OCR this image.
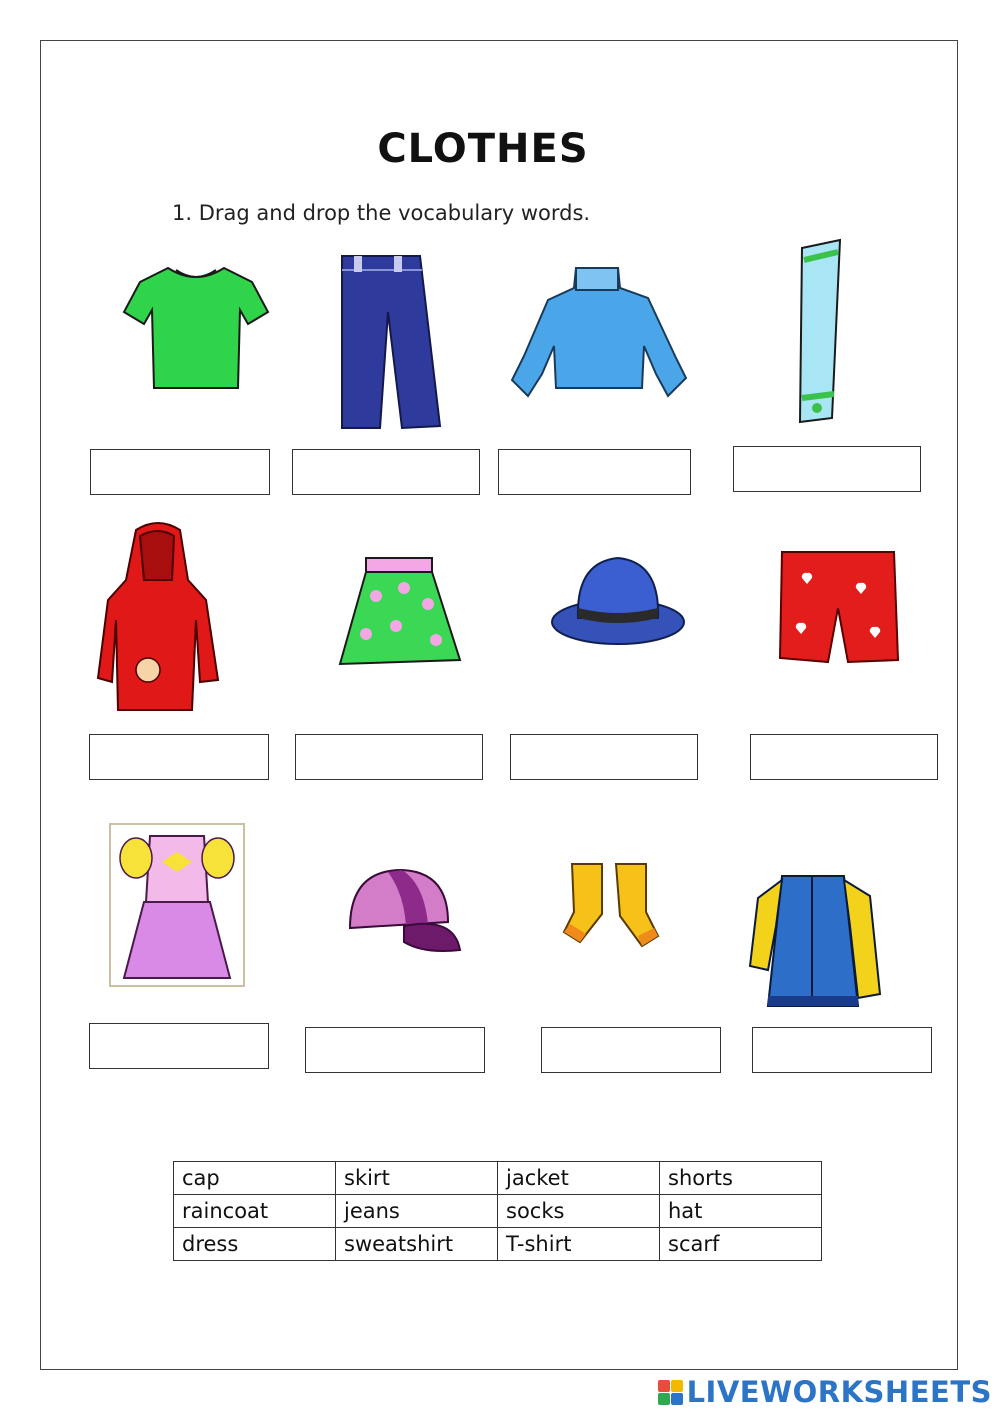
CLOTHES
1. Drag and drop the vocabulary words.
cap	skirt	jacket	shorts
raincoat	jeans	socks	hat
dress	sweatshirt	T-shirt	scarf
LIVEWORKSHEETS
